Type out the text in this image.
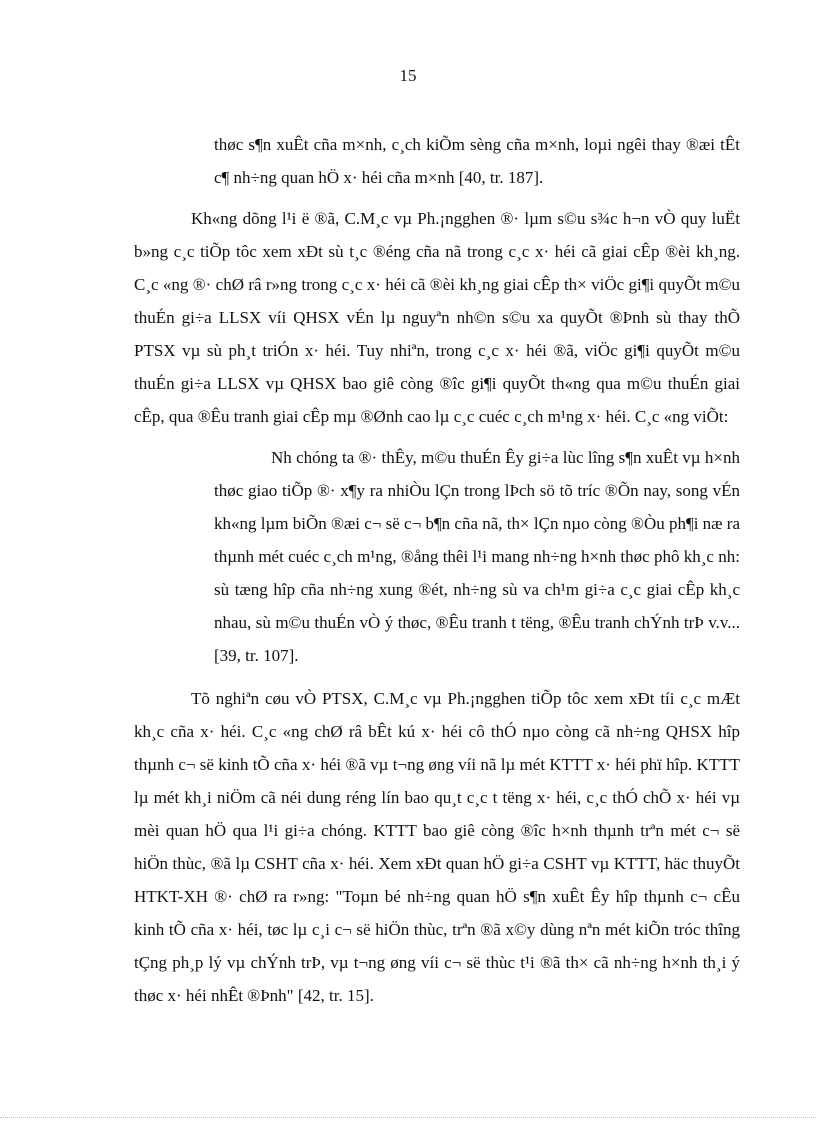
15

thøc s¶n xuÊt cña m×nh, c¸ch kiÕm sèng cña m×nh, loµi ngêi thay ®æi tÊt c¶ nh÷ng quan hÖ x· héi cña m×nh [40, tr. 187].

Kh«ng dõng l¹i ë ®ã, C.M¸c vµ Ph.¡ngghen ®· lµm s©u s¾c h¬n vÒ quy luËt b»ng c¸c tiÕp tôc xem xÐt sù t¸c ®éng cña nã trong c¸c x· héi cã giai cÊp ®èi kh¸ng. C¸c «ng ®· chØ râ r»ng trong c¸c x· héi cã ®èi kh¸ng giai cÊp th× viÖc gi¶i quyÕt m©u thuÉn gi÷a LLSX víi QHSX vÉn lµ nguyªn nh©n s©u xa quyÕt ®Þnh sù thay thÕ PTSX vµ sù ph¸t triÓn x· héi. Tuy nhiªn, trong c¸c x· héi ®ã, viÖc gi¶i quyÕt m©u thuÉn gi÷a LLSX vµ QHSX bao giê còng ®îc gi¶i quyÕt th«ng qua m©u thuÉn giai cÊp, qua ®Êu tranh giai cÊp mµ ®Ønh cao lµ c¸c cuéc c¸ch m¹ng x· héi. C¸c «ng viÕt:

Nh chóng ta ®· thÊy, m©u thuÉn Êy gi÷a lùc lîng s¶n xuÊt vµ h×nh thøc giao tiÕp ®· x¶y ra nhiÒu lÇn trong lÞch sö tõ tríc ®Õn nay, song vÉn kh«ng lµm biÕn ®æi c¬ së c¬ b¶n cña nã, th× lÇn nµo còng ®Òu ph¶i næ ra thµnh mét cuéc c¸ch m¹ng, ®ång thêi l¹i mang nh÷ng h×nh thøc phô kh¸c nh: sù tæng hîp cña nh÷ng xung ®ét, nh÷ng sù va ch¹m gi÷a c¸c giai cÊp kh¸c nhau, sù m©u thuÉn vÒ ý thøc, ®Êu tranh t tëng, ®Êu tranh chÝnh trÞ v.v... [39, tr. 107].

Tõ nghiªn cøu vÒ PTSX, C.M¸c vµ Ph.¡ngghen tiÕp tôc xem xÐt tíi c¸c mÆt kh¸c cña x· héi. C¸c «ng chØ râ bÊt kú x· héi cô thÓ nµo còng cã nh÷ng QHSX hîp thµnh c¬ së kinh tÕ cña x· héi ®ã vµ t¬ng øng víi nã lµ mét KTTT x· héi phï hîp. KTTT lµ mét kh¸i niÖm cã néi dung réng lín bao qu¸t c¸c t tëng x· héi, c¸c thÓ chÕ x· héi vµ mèi quan hÖ qua l¹i gi÷a chóng. KTTT bao giê còng ®îc h×nh thµnh trªn mét c¬ së hiÖn thùc, ®ã lµ CSHT cña x· héi. Xem xÐt quan hÖ gi÷a CSHT vµ KTTT, häc thuyÕt HTKT-XH ®· chØ ra r»ng: "Toµn bé nh÷ng quan hÖ s¶n xuÊt Êy hîp thµnh c¬ cÊu kinh tÕ cña x· héi, tøc lµ c¸i c¬ së hiÖn thùc, trªn ®ã x©y dùng nªn mét kiÕn tróc thîng tÇng ph¸p lý vµ chÝnh trÞ, vµ t¬ng øng víi c¬ së thùc t¹i ®ã th× cã nh÷ng h×nh th¸i ý thøc x· héi nhÊt ®Þnh" [42, tr. 15].
